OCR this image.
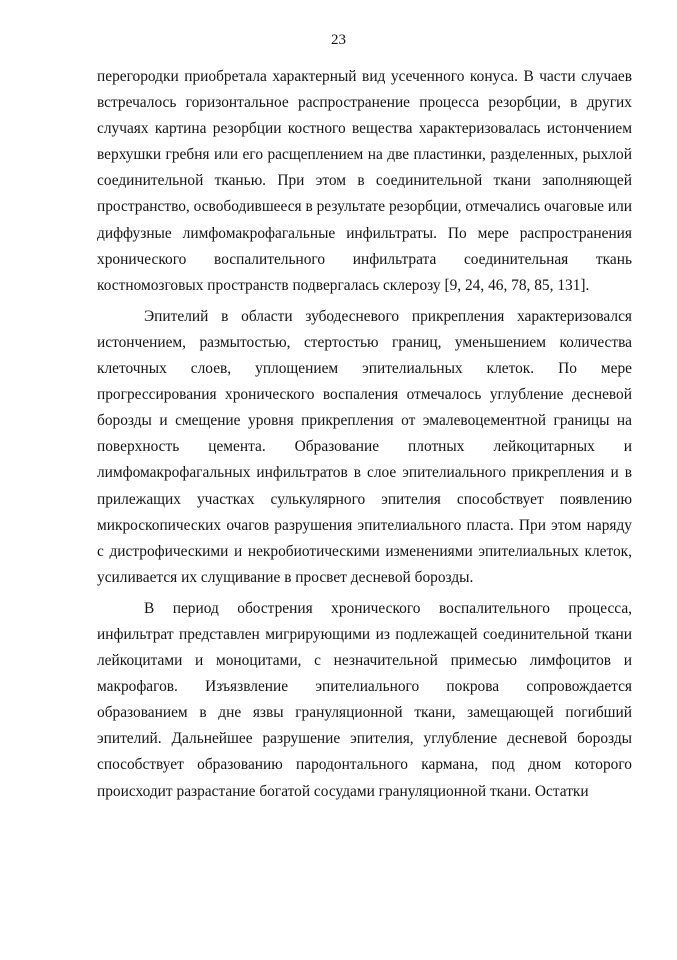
23

перегородки приобретала характерный вид усеченного конуса. В части случаев встречалось горизонтальное распространение процесса резорбции, в других случаях картина резорбции костного вещества характеризовалась истончением верхушки гребня или его расщеплением на две пластинки, разделенных, рыхлой соединительной тканью. При этом в соединительной ткани заполняющей пространство, освободившееся в результате резорбции, отмечались очаговые или диффузные лимфомакрофагальные инфильтраты. По мере распространения хронического воспалительного инфильтрата соединительная ткань костномозговых пространств подвергалась склерозу [9, 24, 46, 78, 85, 131].

Эпителий в области зубодесневого прикрепления характеризовался истончением, размытостью, стертостью границ, уменьшением количества клеточных слоев, уплощением эпителиальных клеток. По мере прогрессирования хронического воспаления отмечалось углубление десневой борозды и смещение уровня прикрепления от эмалевоцементной границы на поверхность цемента. Образование плотных лейкоцитарных и лимфомакрофагальных инфильтратов в слое эпителиального прикрепления и в прилежащих участках сулькулярного эпителия способствует появлению микроскопических очагов разрушения эпителиального пласта. При этом наряду с дистрофическими и некробиотическими изменениями эпителиальных клеток, усиливается их слущивание в просвет десневой борозды.

В период обострения хронического воспалительного процесса, инфильтрат представлен мигрирующими из подлежащей соединительной ткани лейкоцитами и моноцитами, с незначительной примесью лимфоцитов и макрофагов. Изъязвление эпителиального покрова сопровождается образованием в дне язвы грануляционной ткани, замещающей погибший эпителий. Дальнейшее разрушение эпителия, углубление десневой борозды способствует образованию пародонтального кармана, под дном которого происходит разрастание богатой сосудами грануляционной ткани. Остатки
